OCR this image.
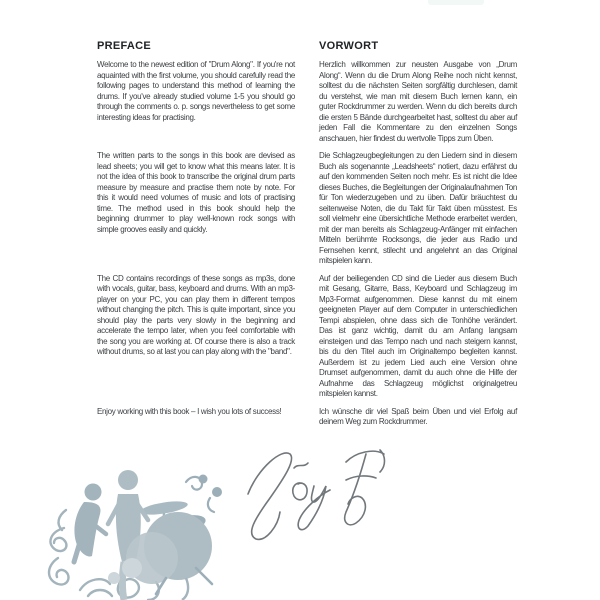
PREFACE	VORWORT

Welcome to the newest edition of "Drum Along". If you're not aquainted with the first volume, you should carefully read the following pages to understand this method of learning the drums. If you've already studied volume 1-5 you should go through the comments o. p. songs nevertheless to get some interesting ideas for practising.

Herzlich willkommen zur neusten Ausgabe von „Drum Along“. Wenn du die Drum Along Reihe noch nicht kennst, solltest du die nächsten Seiten sorgfältig durchlesen, damit du verstehst, wie man mit diesem Buch lernen kann, ein guter Rockdrummer zu werden. Wenn du dich bereits durch die ersten 5 Bände durchgearbeitet hast, solltest du aber auf jeden Fall die Kommentare zu den einzelnen Songs anschauen, hier findest du wertvolle Tipps zum Üben.

The written parts to the songs in this book are devised as lead sheets; you will get to know what this means later. It is not the idea of this book to transcribe the original drum parts measure by measure and practise them note by note. For this it would need volumes of music and lots of practising time. The method used in this book should help the beginning drummer to play well-known rock songs with simple grooves easily and quickly.

Die Schlagzeugbegleitungen zu den Liedern sind in diesem Buch als sogenannte „Leadsheets“ notiert, dazu erfährst du auf den kommenden Seiten noch mehr. Es ist nicht die Idee dieses Buches, die Begleitungen der Originalaufnahmen Ton für Ton wiederzugeben und zu üben. Dafür bräuchtest du seitenweise Noten, die du Takt für Takt üben müsstest. Es soll vielmehr eine übersichtliche Methode erarbeitet werden, mit der man bereits als Schlagzeug-Anfänger mit einfachen Mitteln berühmte Rocksongs, die jeder aus Radio und Fernsehen kennt, stilecht und angelehnt an das Original mitspielen kann.

The CD contains recordings of these songs as mp3s, done with vocals, guitar, bass, keyboard and drums. With an mp3-player on your PC, you can play them in different tempos without changing the pitch. This is quite important, since you should play the parts very slowly in the beginning and accelerate the tempo later, when you feel comfortable with the song you are working at. Of course there is also a track without drums, so at last you can play along with the "band".

Auf der beiliegenden CD sind die Lieder aus diesem Buch mit Gesang, Gitarre, Bass, Keyboard und Schlagzeug im Mp3-Format aufgenommen. Diese kannst du mit einem geeigneten Player auf dem Computer in unterschiedlichen Tempi abspielen, ohne dass sich die Tonhöhe verändert. Das ist ganz wichtig, damit du am Anfang langsam einsteigen und das Tempo nach und nach steigern kannst, bis du den Titel auch im Originaltempo begleiten kannst. Außerdem ist zu jedem Lied auch eine Version ohne Drumset aufgenommen, damit du auch ohne die Hilfe der Aufnahme das Schlagzeug möglichst originalgetreu mitspielen kannst.

Enjoy working with this book – I wish you lots of success!	Ich wünsche dir viel Spaß beim Üben und viel Erfolg auf deinem Weg zum Rockdrummer.
